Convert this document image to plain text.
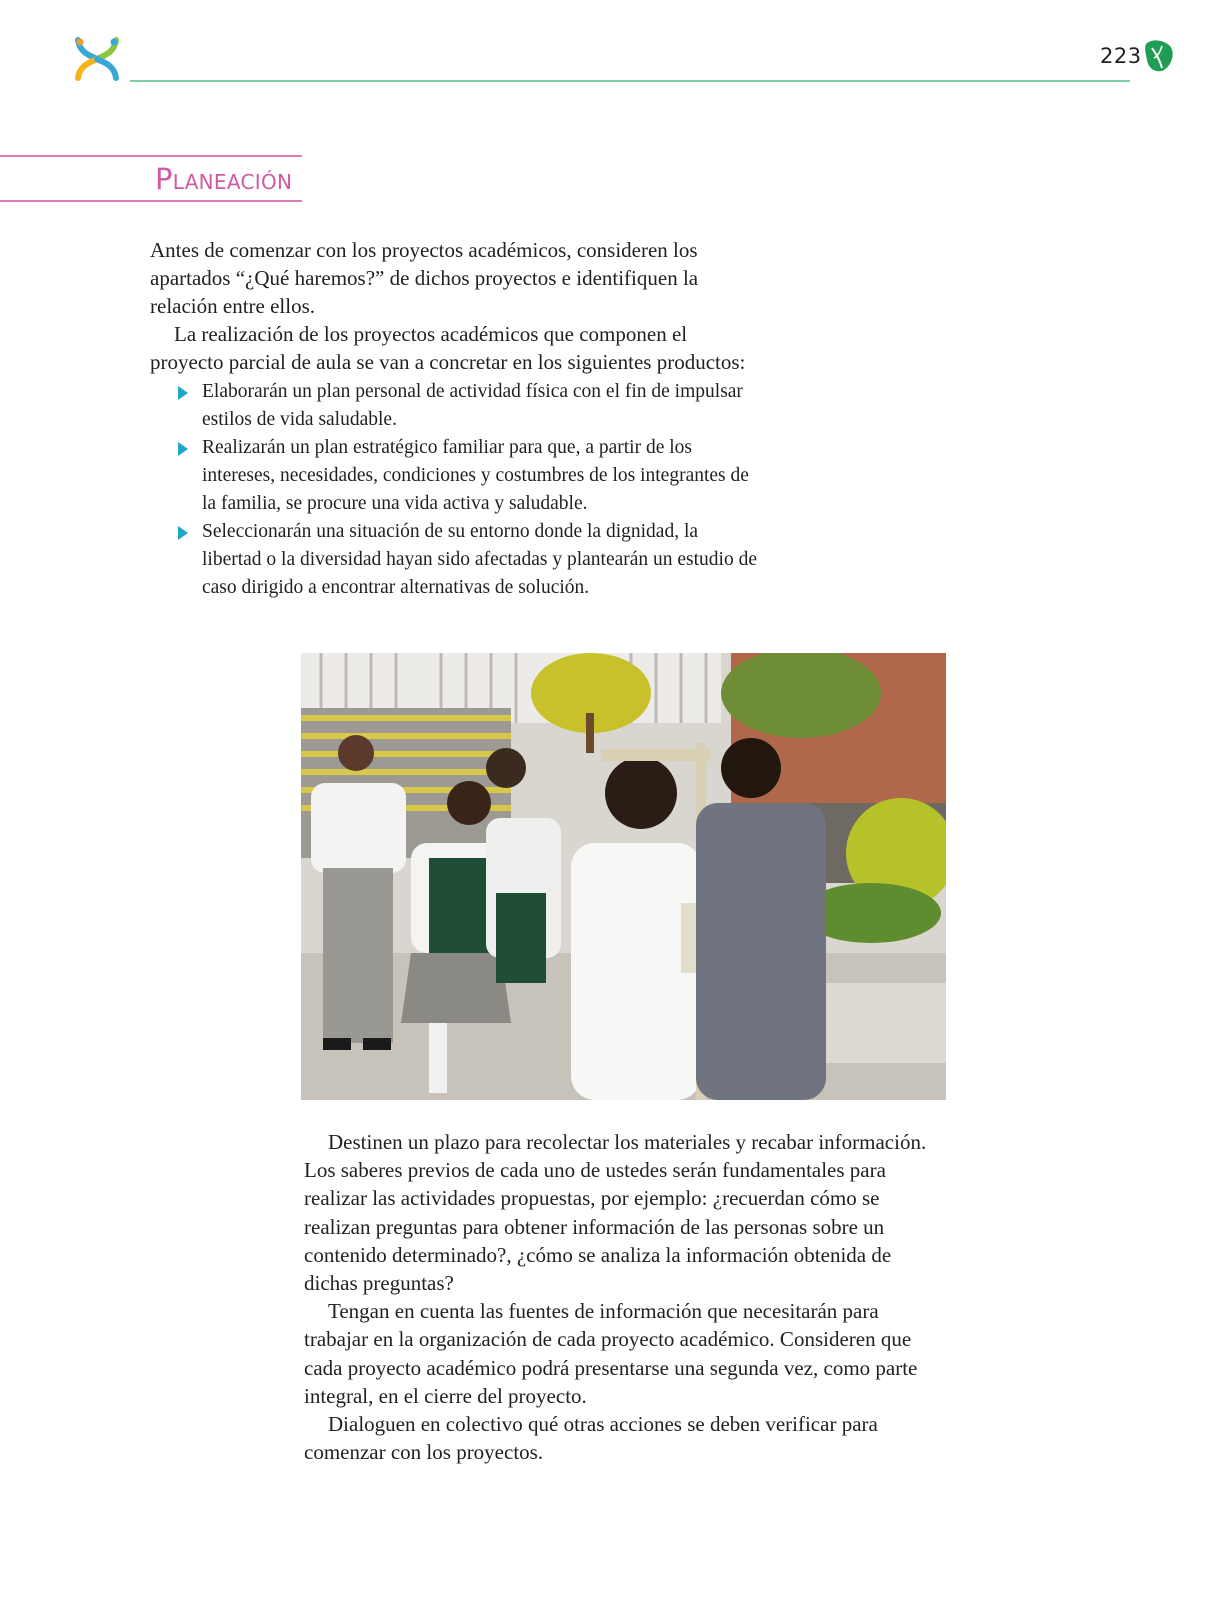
223
Planeación

Antes de comenzar con los proyectos académicos, consideren los apartados “¿Qué haremos?” de dichos proyectos e identifiquen la relación entre ellos.

La realización de los proyectos académicos que componen el proyecto parcial de aula se van a concretar en los siguientes productos:

Elaborarán un plan personal de actividad física con el fin de impulsar estilos de vida saludable.
Realizarán un plan estratégico familiar para que, a partir de los intereses, necesidades, condiciones y costumbres de los integrantes de la familia, se procure una vida activa y saludable.
Seleccionarán una situación de su entorno donde la dignidad, la libertad o la diversidad hayan sido afectadas y plantearán un estudio de caso dirigido a encontrar alternativas de solución.

Destinen un plazo para recolectar los materiales y recabar información. Los saberes previos de cada uno de ustedes serán fundamentales para realizar las actividades propuestas, por ejemplo: ¿recuerdan cómo se realizan preguntas para obtener información de las personas sobre un contenido determinado?, ¿cómo se analiza la información obtenida de dichas preguntas?

Tengan en cuenta las fuentes de información que necesitarán para trabajar en la organización de cada proyecto académico. Consideren que cada proyecto académico podrá presentarse una segunda vez, como parte integral, en el cierre del proyecto.

Dialoguen en colectivo qué otras acciones se deben verificar para comenzar con los proyectos.
